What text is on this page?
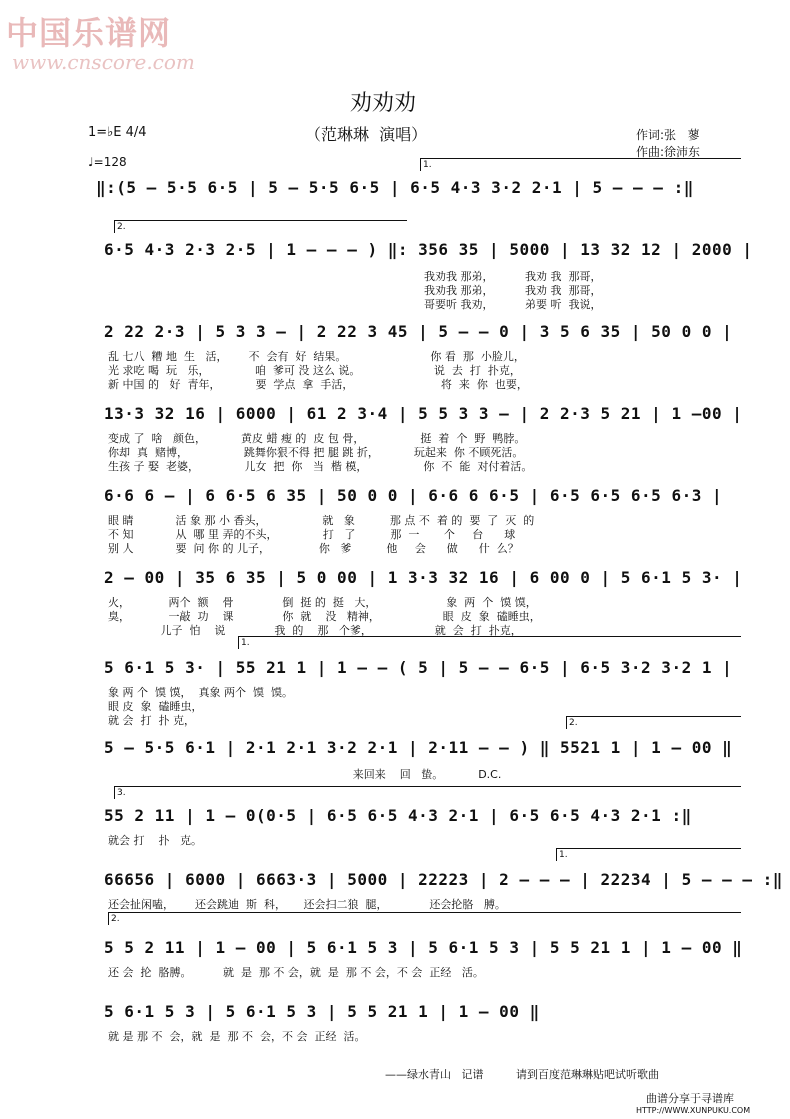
中国乐谱网
www.cnscore.com
劝劝劝
（范琳琳  演唱）	作词:张   蓼
作曲:徐沛东
1=♭E 4/4
♩=128	1.
2.
1.
2.
3.
1.
2.
‖:(5 — 5·5 6·5 | 5 — 5·5 6·5 | 6·5 4·3 3·2 2·1 | 5 — — — :‖
6·5 4·3 2·3 2·5 | 1 — — — ) ‖: 356 35 | 5000 | 13 32 12 | 2000 |
我劝我 那弟，         我劝 我  那哥，
我劝我 那弟，         我劝 我  那哥，
哥要听 我劝，         弟要 听  我说，
2 22 2·3 | 5 3 3 — | 2 22 3 45 | 5 — — 0 | 3 5 6 35 | 50 0 0 |
乱 七八  糟 地  生   活，      不  会有  好  结果。                        你 看  那  小脸儿，
光 求吃 喝  玩   乐，             咱  爹可 没 这么 说。                     说  去  打  扑克，
新 中国 的   好  青年，          要  学点  拿  手活，                         将  来  你  也要，
13·3 32 16 | 6000 | 61 2 3·4 | 5 5 3 3 — | 2 2·3 5 21 | 1 —00 |
变成 了  啥   颜色，          黄皮 蜡 瘦 的  皮 包 骨，                挺  着  个  野  鸭脖。
你却  真  赌博，                跳舞你狠不得 把 腿 跳 折，          玩起来  你 不顾死活。
生孩 子 娶  老婆，             儿女  把  你   当  楷 模，                你  不  能  对付着活。
6·6 6 — | 6 6·5 6 35 | 50 0 0 | 6·6 6 6·5 | 6·5 6·5 6·5 6·3 |
眼 睛            活 象 那 小 香头，                就   象          那 点 不  着 的  要  了  灭  的
不 知            从  哪 里 弄的不头，             打   了          那  一       个     台      球
别 人            要  问 你 的 儿子，              你   爹          他     会      做      什  么？
2 — 00 | 35 6 35 | 5 0 00 | 1 3·3 32 16 | 6 00 0 | 5 6·1 5 3· |
火，           两个  额    骨              倒  挺 的  挺   大，                    象  两  个  馍 馍，
臭，           一敲  功    课              你  就    没   精神，                  眼  皮  象  磕睡虫，
儿子  怕    说              我  的    那   个爹，                  就  会  打  扑克，
5 6·1 5 3· | 55 21 1 | 1 — — ( 5 | 5 — — 6·5 | 6·5 3·2 3·2 1 |
象 两 个  馍 馍，  真象 两个  馍  馍。
眼 皮  象  磕睡虫，
就 会  打  扑 克，
5 — 5·5 6·1 | 2·1 2·1 3·2 2·1 | 2·11 — — ) ‖ 5521 1 | 1 — 00 ‖
来回来    回   蛰。          D.C.
55 2 11 | 1 — 0(0·5 | 6·5 6·5 4·3 2·1 | 6·5 6·5 4·3 2·1 :‖
就会 打    扑   克。
66656 | 6000 | 6663·3 | 5000 | 22223 | 2 — — — | 22234 | 5 — — — :‖
还会扯闲嗑，      还会跳迪  斯  科，     还会扫二狼  腿，            还会抡胳   膊。
5 5 2 11 | 1 — 00 | 5 6·1 5 3 | 5 6·1 5 3 | 5 5 21 1 | 1 — 00 ‖
还 会  抡  胳膊。         就  是  那 不 会，就  是  那 不 会，不 会  正经   活。
5 6·1 5 3 | 5 6·1 5 3 | 5 5 21 1 | 1 — 00 ‖
就 是 那 不  会，就  是  那 不  会，不 会  正经  活。
——绿水青山   记谱	请到百度范琳琳贴吧试听歌曲
曲谱分享于寻谱库
HTTP://WWW.XUNPUKU.COM
